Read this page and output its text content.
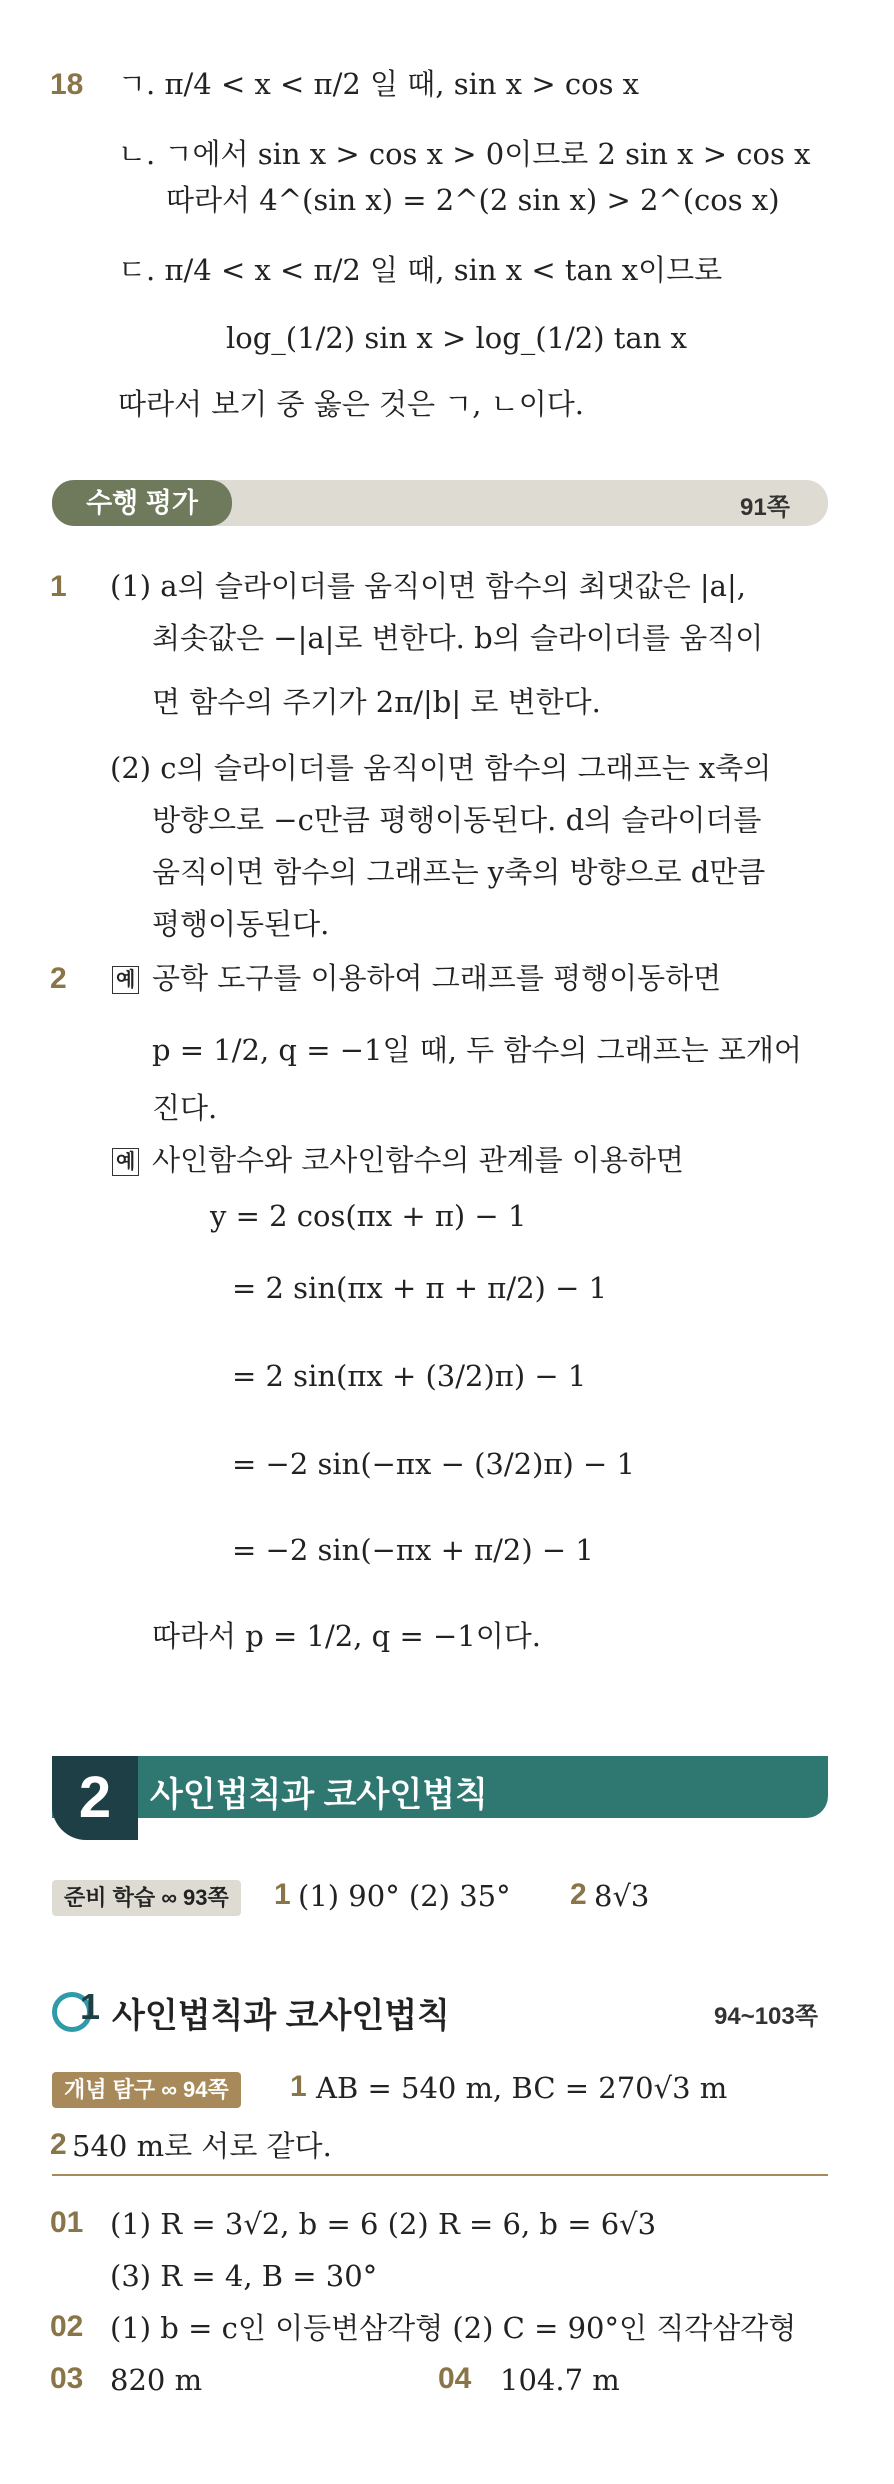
18 ㄱ. π/4 < x < π/2 일 때, sin x > cos x
ㄴ. ㄱ에서 sin x > cos x > 0이므로 2 sin x > cos x
따라서 4^(sin x) = 2^(2 sin x) > 2^(cos x)
ㄷ. π/4 < x < π/2 일 때, sin x < tan x이므로
log_(1/2) sin x > log_(1/2) tan x
따라서 보기 중 옳은 것은 ㄱ, ㄴ이다.
수행 평가	91쪽
1 (1) a의 슬라이더를 움직이면 함수의 최댓값은 |a|,
최솟값은 −|a|로 변한다. b의 슬라이더를 움직이
면 함수의 주기가 2π/|b| 로 변한다.
(2) c의 슬라이더를 움직이면 함수의 그래프는 x축의
방향으로 −c만큼 평행이동된다. d의 슬라이더를
움직이면 함수의 그래프는 y축의 방향으로 d만큼
평행이동된다.
2 예 공학 도구를 이용하여 그래프를 평행이동하면
p = 1/2, q = −1일 때, 두 함수의 그래프는 포개어
진다.
예 사인함수와 코사인함수의 관계를 이용하면
y = 2 cos(πx + π) − 1
= 2 sin(πx + π + π/2) − 1
= 2 sin(πx + (3/2)π) − 1
= −2 sin(−πx − (3/2)π) − 1
= −2 sin(−πx + π/2) − 1
따라서 p = 1/2, q = −1이다.
2	사인법칙과 코사인법칙
준비 학습 ∞ 93쪽	1 (1) 90° (2) 35° 2 8√3
1 사인법칙과 코사인법칙	94~103쪽
개념 탐구 ∞ 94쪽	1 AB = 540 m, BC = 270√3 m
2 540 m로 서로 같다.
01 (1) R = 3√2, b = 6 (2) R = 6, b = 6√3
(3) R = 4, B = 30°
02 (1) b = c인 이등변삼각형 (2) C = 90°인 직각삼각형
03 820 m	04 104.7 m
